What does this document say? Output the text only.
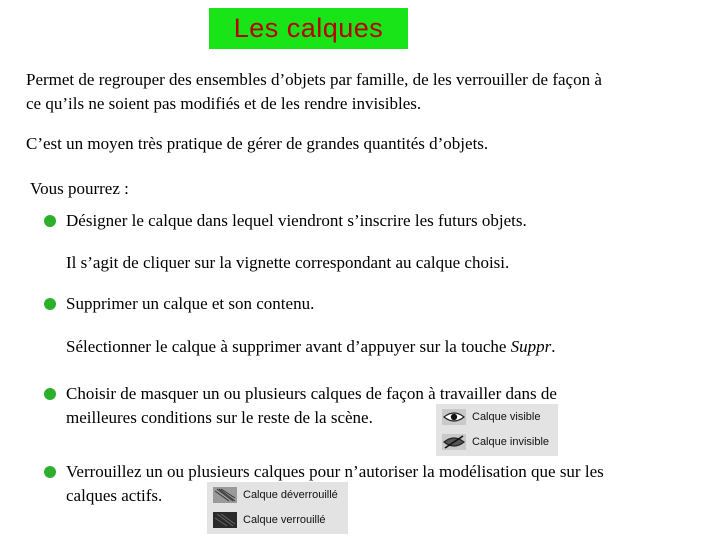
Les calques
Permet de regrouper des ensembles d’objets par famille, de les verrouiller de façon à
ce qu’ils ne soient pas modifiés et de les rendre invisibles.
C’est un moyen très pratique de gérer de grandes quantités d’objets.
Vous pourrez :
Désigner le calque dans lequel viendront s’inscrire les futurs objets.
Il s’agit de cliquer sur la vignette correspondant au calque choisi.
Supprimer un calque et son contenu.
Sélectionner le calque à supprimer avant d’appuyer sur la touche Suppr.
Choisir de masquer un ou plusieurs calques de façon à travailler dans de
meilleures conditions sur le reste de la scène.	Calque visible
Calque invisible
Verrouillez un ou plusieurs calques pour n’autoriser la modélisation que sur les
calques actifs.	Calque déverrouillé
Calque verrouillé
